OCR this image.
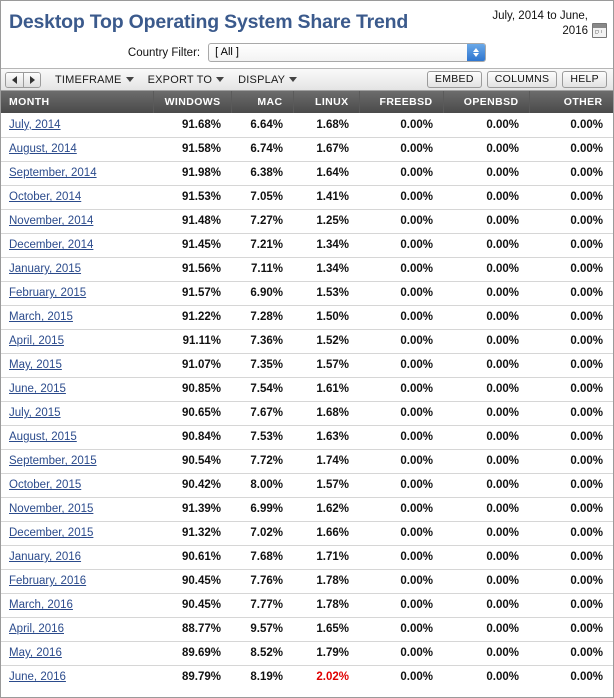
Desktop Top Operating System Share Trend	July, 2014 to June, 2016
Country Filter:	[ All ]
TIMEFRAME EXPORT TO DISPLAY	EMBED	COLUMNS	HELP
MONTH	WINDOWS	MAC	LINUX	FREEBSD	OPENBSD	OTHER
July, 2014	91.68%	6.64%	1.68%	0.00%	0.00%	0.00%
August, 2014	91.58%	6.74%	1.67%	0.00%	0.00%	0.00%
September, 2014	91.98%	6.38%	1.64%	0.00%	0.00%	0.00%
October, 2014	91.53%	7.05%	1.41%	0.00%	0.00%	0.00%
November, 2014	91.48%	7.27%	1.25%	0.00%	0.00%	0.00%
December, 2014	91.45%	7.21%	1.34%	0.00%	0.00%	0.00%
January, 2015	91.56%	7.11%	1.34%	0.00%	0.00%	0.00%
February, 2015	91.57%	6.90%	1.53%	0.00%	0.00%	0.00%
March, 2015	91.22%	7.28%	1.50%	0.00%	0.00%	0.00%
April, 2015	91.11%	7.36%	1.52%	0.00%	0.00%	0.00%
May, 2015	91.07%	7.35%	1.57%	0.00%	0.00%	0.00%
June, 2015	90.85%	7.54%	1.61%	0.00%	0.00%	0.00%
July, 2015	90.65%	7.67%	1.68%	0.00%	0.00%	0.00%
August, 2015	90.84%	7.53%	1.63%	0.00%	0.00%	0.00%
September, 2015	90.54%	7.72%	1.74%	0.00%	0.00%	0.00%
October, 2015	90.42%	8.00%	1.57%	0.00%	0.00%	0.00%
November, 2015	91.39%	6.99%	1.62%	0.00%	0.00%	0.00%
December, 2015	91.32%	7.02%	1.66%	0.00%	0.00%	0.00%
January, 2016	90.61%	7.68%	1.71%	0.00%	0.00%	0.00%
February, 2016	90.45%	7.76%	1.78%	0.00%	0.00%	0.00%
March, 2016	90.45%	7.77%	1.78%	0.00%	0.00%	0.00%
April, 2016	88.77%	9.57%	1.65%	0.00%	0.00%	0.00%
May, 2016	89.69%	8.52%	1.79%	0.00%	0.00%	0.00%
June, 2016	89.79%	8.19%	2.02%	0.00%	0.00%	0.00%
